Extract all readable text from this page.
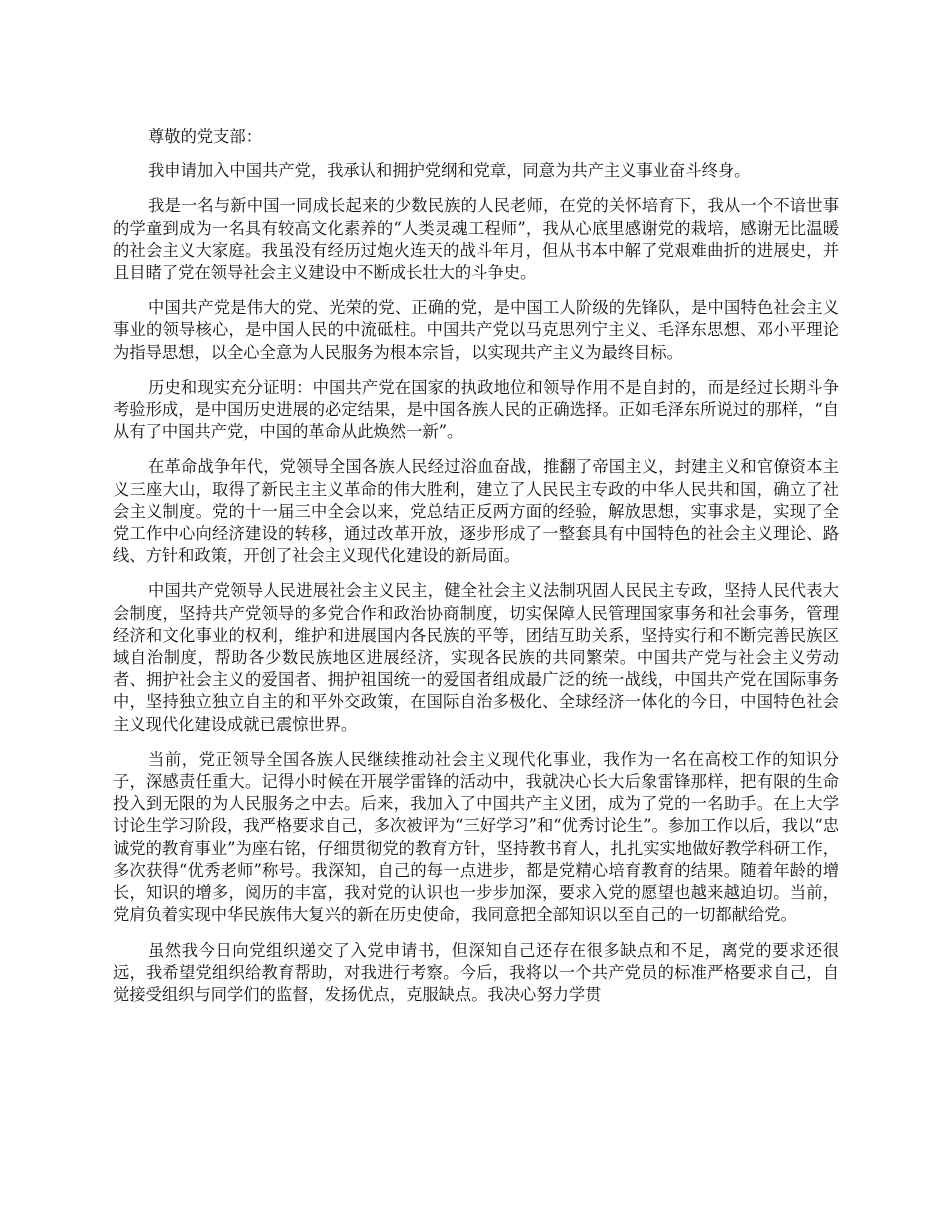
尊敬的党支部：

我申请加入中国共产党，我承认和拥护党纲和党章，同意为共产主义事业奋斗终身。

我是一名与新中国一同成长起来的少数民族的人民老师，在党的关怀培育下，我从一个不谙世事的学童到成为一名具有较高文化素养的“人类灵魂工程师”，我从心底里感谢党的栽培，感谢无比温暖的社会主义大家庭。我虽没有经历过炮火连天的战斗年月，但从书本中解了党艰难曲折的进展史，并且目睹了党在领导社会主义建设中不断成长壮大的斗争史。

中国共产党是伟大的党、光荣的党、正确的党，是中国工人阶级的先锋队，是中国特色社会主义事业的领导核心，是中国人民的中流砥柱。中国共产党以马克思列宁主义、毛泽东思想、邓小平理论为指导思想，以全心全意为人民服务为根本宗旨，以实现共产主义为最终目标。

历史和现实充分证明：中国共产党在国家的执政地位和领导作用不是自封的，而是经过长期斗争考验形成，是中国历史进展的必定结果，是中国各族人民的正确选择。正如毛泽东所说过的那样，“自从有了中国共产党，中国的革命从此焕然一新”。

在革命战争年代，党领导全国各族人民经过浴血奋战，推翻了帝国主义，封建主义和官僚资本主义三座大山，取得了新民主主义革命的伟大胜利，建立了人民民主专政的中华人民共和国，确立了社会主义制度。党的十一届三中全会以来，党总结正反两方面的经验，解放思想，实事求是，实现了全党工作中心向经济建设的转移，通过改革开放，逐步形成了一整套具有中国特色的社会主义理论、路线、方针和政策，开创了社会主义现代化建设的新局面。

中国共产党领导人民进展社会主义民主，健全社会主义法制巩固人民民主专政，坚持人民代表大会制度，坚持共产党领导的多党合作和政治协商制度，切实保障人民管理国家事务和社会事务，管理经济和文化事业的权利，维护和进展国内各民族的平等，团结互助关系，坚持实行和不断完善民族区域自治制度，帮助各少数民族地区进展经济，实现各民族的共同繁荣。中国共产党与社会主义劳动者、拥护社会主义的爱国者、拥护祖国统一的爱国者组成最广泛的统一战线，中国共产党在国际事务中，坚持独立独立自主的和平外交政策，在国际自治多极化、全球经济一体化的今日，中国特色社会主义现代化建设成就已震惊世界。

当前，党正领导全国各族人民继续推动社会主义现代化事业，我作为一名在高校工作的知识分子，深感责任重大。记得小时候在开展学雷锋的活动中，我就决心长大后象雷锋那样，把有限的生命投入到无限的为人民服务之中去。后来，我加入了中国共产主义团，成为了党的一名助手。在上大学讨论生学习阶段，我严格要求自己，多次被评为“三好学习”和“优秀讨论生”。参加工作以后，我以“忠诚党的教育事业”为座右铭，仔细贯彻党的教育方针，坚持教书育人，扎扎实实地做好教学科研工作，多次获得“优秀老师”称号。我深知，自己的每一点进步，都是党精心培育教育的结果。随着年龄的增长，知识的增多，阅历的丰富，我对党的认识也一步步加深，要求入党的愿望也越来越迫切。当前，党肩负着实现中华民族伟大复兴的新在历史使命，我同意把全部知识以至自己的一切都献给党。

虽然我今日向党组织递交了入党申请书，但深知自己还存在很多缺点和不足，离党的要求还很远，我希望党组织给教育帮助，对我进行考察。今后，我将以一个共产党员的标准严格要求自己，自觉接受组织与同学们的监督，发扬优点，克服缺点。我决心努力学贯
